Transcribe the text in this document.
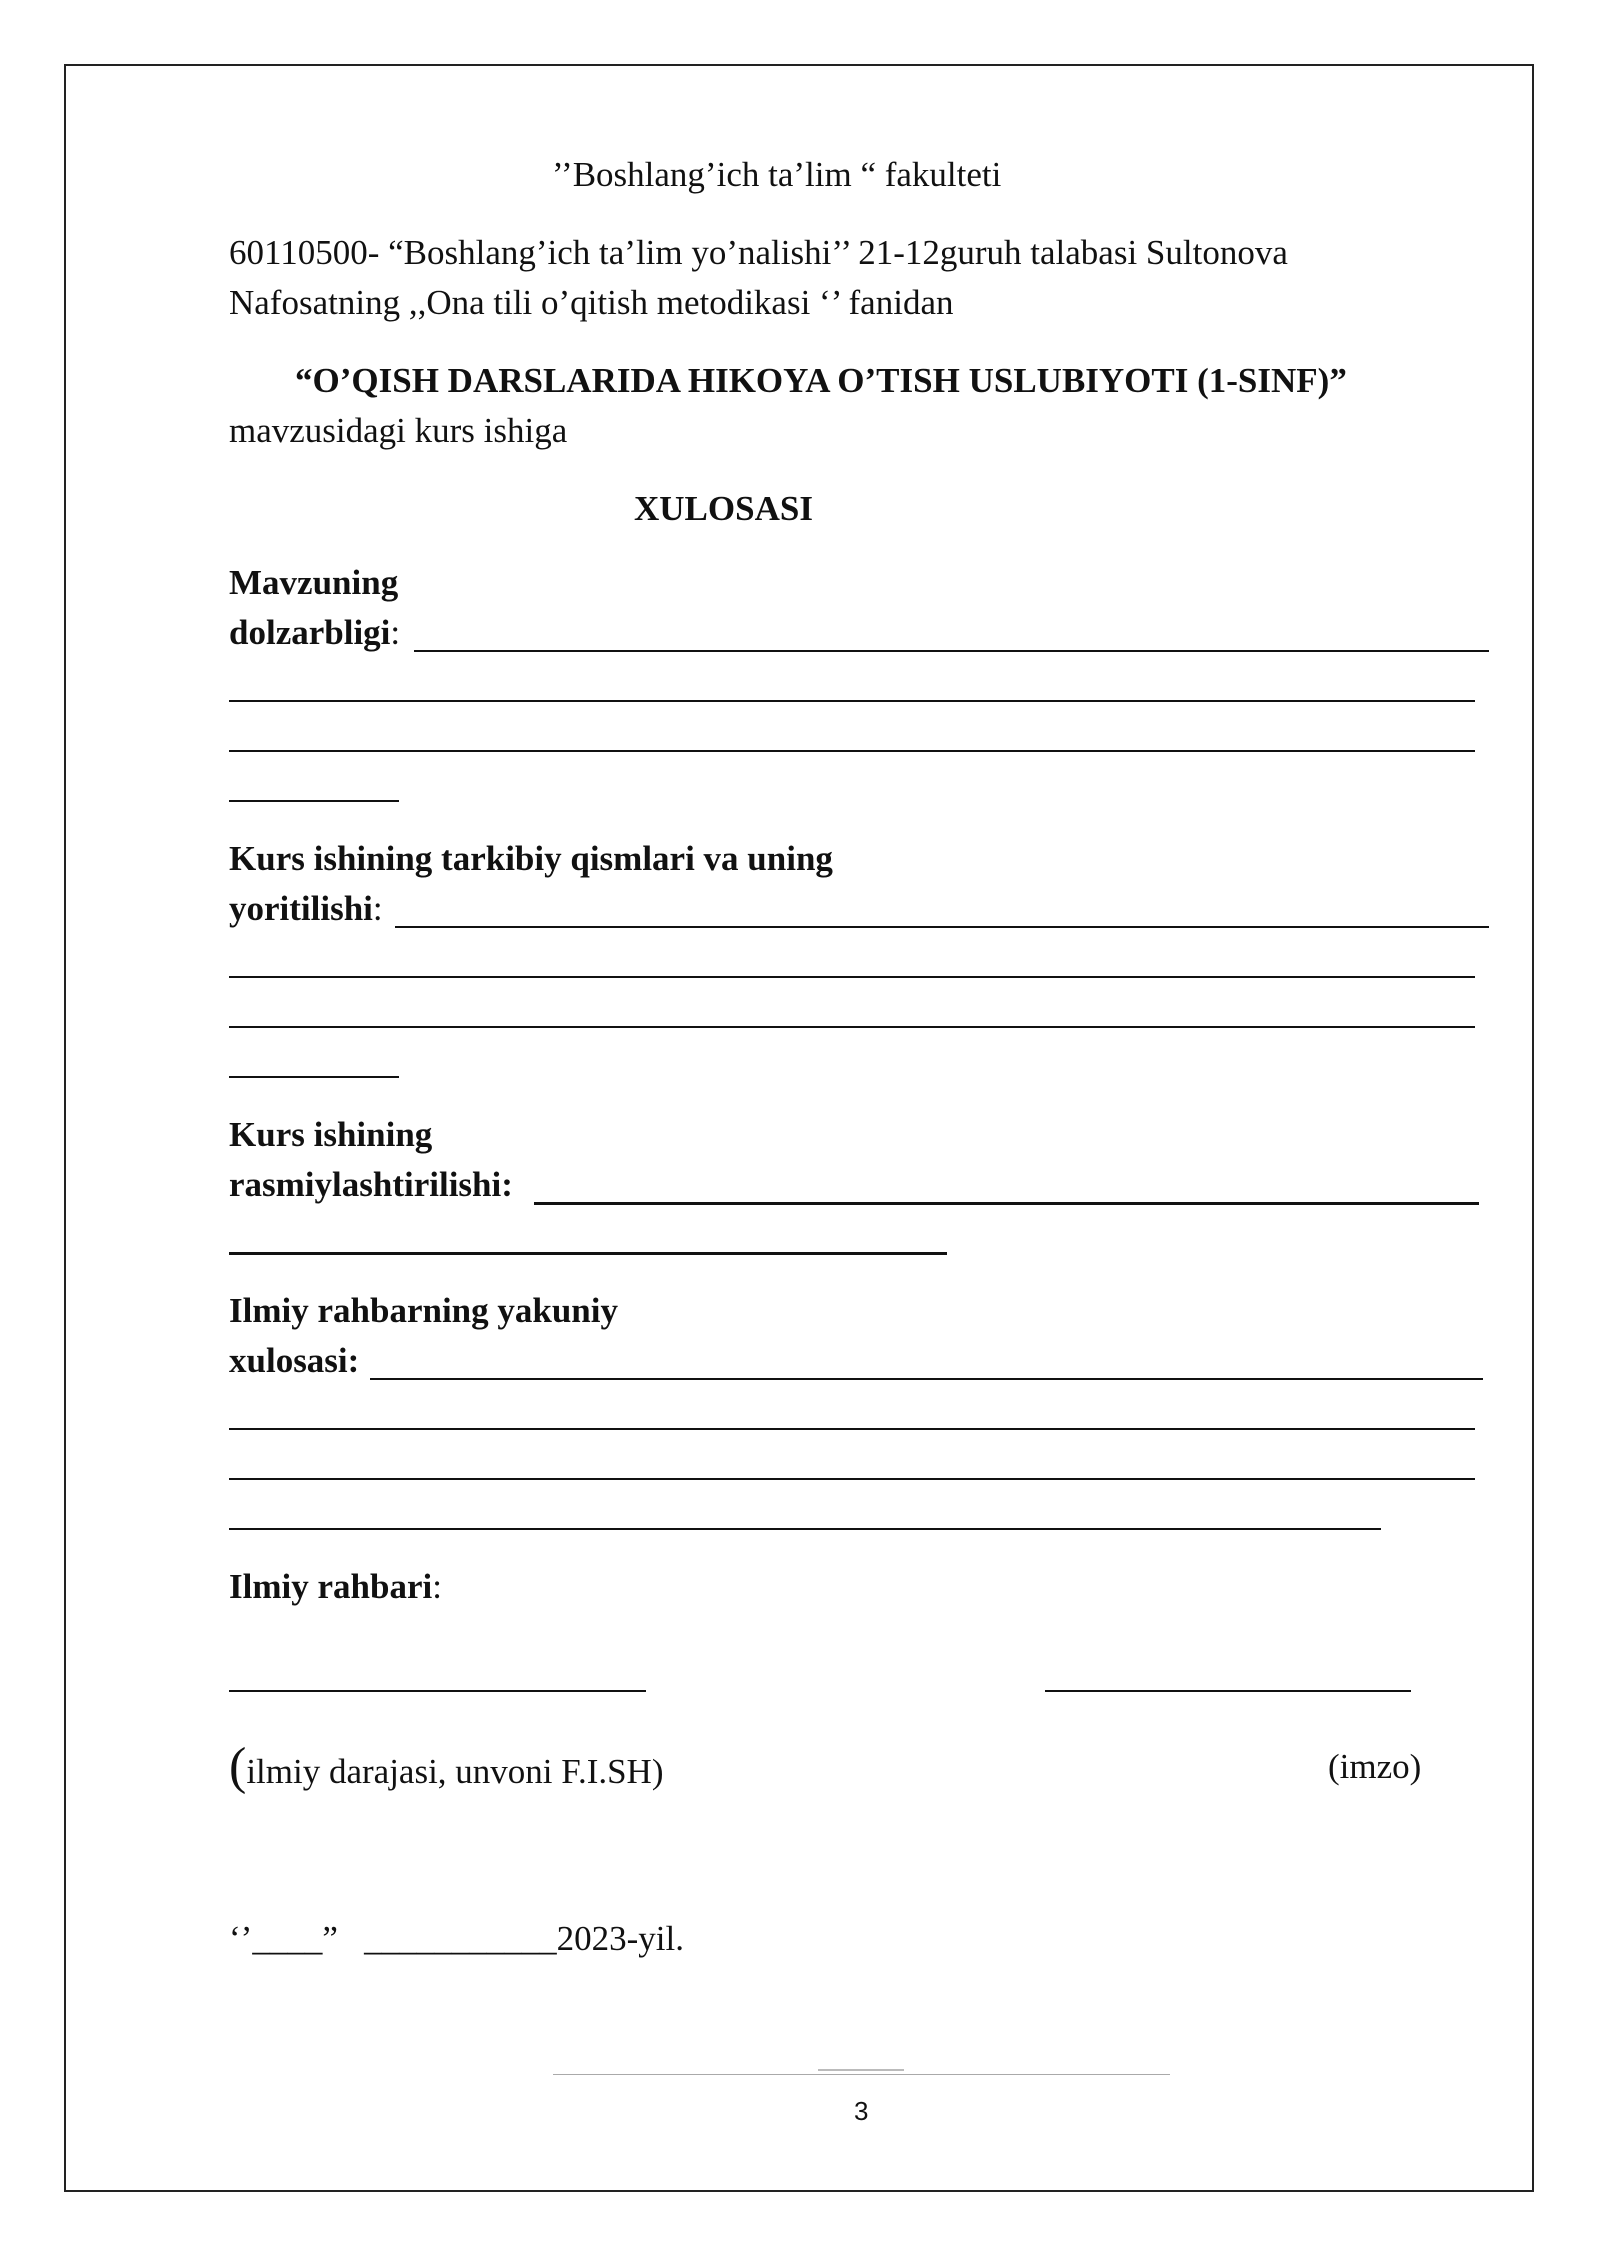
’’Boshlang’ich ta’lim “ fakulteti
60110500- “Boshlang’ich ta’lim yo’nalishi’’ 21-12guruh talabasi Sultonova
Nafosatning ,,Ona tili o’qitish metodikasi ‘’ fanidan
“O’QISH DARSLARIDA HIKOYA O’TISH USLUBIYOTI (1-SINF)”
mavzusidagi kurs ishiga
XULOSASI
Mavzuning
dolzarbligi:
Kurs ishining tarkibiy qismlari va uning
yoritilishi:
Kurs ishining
rasmiylashtirilishi:
Ilmiy rahbarning yakuniy
xulosasi:
Ilmiy rahbari:
(ilmiy darajasi, unvoni F.I.SH)	(imzo)
‘’____” ___________2023-yil.
3
